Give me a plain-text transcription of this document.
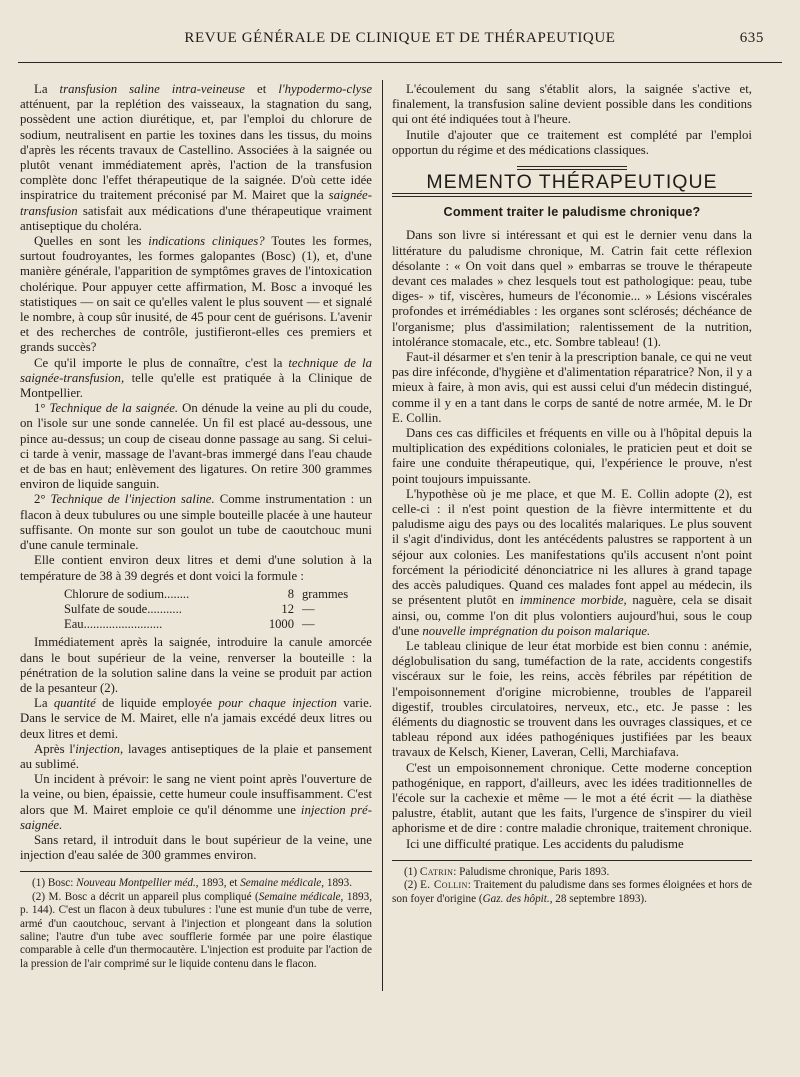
REVUE GÉNÉRALE DE CLINIQUE ET DE THÉRAPEUTIQUE	635

La transfusion saline intra-veineuse et l'hypodermo-clyse atténuent, par la replétion des vaisseaux, la stagnation du sang, possèdent une action diurétique, et, par l'emploi du chlorure de sodium, neutralisent en partie les toxines dans les tissus, du moins d'après les récents travaux de Castellino. Associées à la saignée ou plutôt venant immédiatement après, l'action de la transfusion complète donc l'effet thérapeutique de la saignée. D'où cette idée inspiratrice du traitement préconisé par M. Mairet que la saignée-transfusion satisfait aux médications d'une thérapeutique vraiment antiseptique du choléra.

Quelles en sont les indications cliniques? Toutes les formes, surtout foudroyantes, les formes galopantes (Bosc) (1), et, d'une manière générale, l'apparition de symptômes graves de l'intoxication cholérique. Pour appuyer cette affirmation, M. Bosc a invoqué les statistiques — on sait ce qu'elles valent le plus souvent — et signalé le nombre, à coup sûr inusité, de 45 pour cent de guérisons. L'avenir et des recherches de contrôle, justifieront-elles ces premiers et grands succès?

Ce qu'il importe le plus de connaître, c'est la technique de la saignée-transfusion, telle qu'elle est pratiquée à la Clinique de Montpellier.

1° Technique de la saignée. On dénude la veine au pli du coude, on l'isole sur une sonde cannelée. Un fil est placé au-dessous, une pince au-dessus; un coup de ciseau donne passage au sang. Si celui-ci tarde à venir, massage de l'avant-bras immergé dans l'eau chaude et de bas en haut; enlèvement des ligatures. On retire 300 grammes environ de liquide sanguin.

2° Technique de l'injection saline. Comme instrumentation : un flacon à deux tubulures ou une simple bouteille placée à une hauteur suffisante. On monte sur son goulot un tube de caoutchouc muni d'une canule terminale.

Elle contient environ deux litres et demi d'une solution à la température de 38 à 39 degrés et dont voici la formule :

Chlorure de sodium........	8 grammes
Sulfate de soude...........	12 —
Eau.........................	1000 —

Immédiatement après la saignée, introduire la canule amorcée dans le bout supérieur de la veine, renverser la bouteille : la pénétration de la solution saline dans la veine se produit par action de la pesanteur (2).

La quantité de liquide employée pour chaque injection varie. Dans le service de M. Mairet, elle n'a jamais excédé deux litres ou deux litres et demi.

Après l'injection, lavages antiseptiques de la plaie et pansement au sublimé.

Un incident à prévoir: le sang ne vient point après l'ouverture de la veine, ou bien, épaissie, cette humeur coule insuffisamment. C'est alors que M. Mairet emploie ce qu'il dénomme une injection pré-saignée.

Sans retard, il introduit dans le bout supérieur de la veine, une injection d'eau salée de 300 grammes environ.

(1) Bosc: Nouveau Montpellier méd., 1893, et Semaine médicale, 1893.

(2) M. Bosc a décrit un appareil plus compliqué (Semaine médicale, 1893, p. 144). C'est un flacon à deux tubulures : l'une est munie d'un tube de verre, armé d'un caoutchouc, servant à l'injection et plongeant dans la solution saline; l'autre d'un tube avec soufflerie formée par une poire élastique comparable à celle d'un thermocautère. L'injection est produite par l'action de la pression de l'air comprimé sur le liquide contenu dans le flacon.

L'écoulement du sang s'établit alors, la saignée s'active et, finalement, la transfusion saline devient possible dans les conditions qui ont été indiquées tout à l'heure.

Inutile d'ajouter que ce traitement est complété par l'emploi opportun du régime et des médications classiques.

MEMENTO THÉRAPEUTIQUE
Comment traiter le paludisme chronique?

Dans son livre si intéressant et qui est le dernier venu dans la littérature du paludisme chronique, M. Catrin fait cette réflexion désolante : « On voit dans quel » embarras se trouve le thérapeute devant ces malades » chez lesquels tout est pathologique: peau, tube diges- » tif, viscères, humeurs de l'économie... » Lésions viscérales profondes et irrémédiables : les organes sont sclérosés; déchéance de l'organisme; plus d'assimilation; ralentissement de la nutrition, intolérance stomacale, etc., etc. Sombre tableau! (1).

Faut-il désarmer et s'en tenir à la prescription banale, ce qui ne veut pas dire inféconde, d'hygiène et d'alimentation réparatrice? Non, il y a mieux à faire, à mon avis, qui est aussi celui d'un médecin distingué, comme il y en a tant dans le corps de santé de notre armée, M. le Dr E. Collin.

Dans ces cas difficiles et fréquents en ville ou à l'hôpital depuis la multiplication des expéditions coloniales, le praticien peut et doit se faire une conduite thérapeutique, qui, l'expérience le prouve, n'est point toujours impuissante.

L'hypothèse où je me place, et que M. E. Collin adopte (2), est celle-ci : il n'est point question de la fièvre intermittente et du paludisme aigu des pays ou des localités malariques. Le plus souvent il s'agit d'individus, dont les antécédents palustres se rapportent à un séjour aux colonies. Les manifestations qu'ils accusent n'ont point forcément la périodicité dénonciatrice ni les allures à grand tapage des accès paludiques. Quand ces malades font appel au médecin, ils se présentent plutôt en imminence morbide, naguère, cela se disait ainsi, ou, comme l'on dit plus volontiers aujourd'hui, sous le coup d'une nouvelle imprégnation du poison malarique.

Le tableau clinique de leur état morbide est bien connu : anémie, déglobulisation du sang, tuméfaction de la rate, accidents congestifs viscéraux sur le foie, les reins, accès fébriles par répétition de l'empoisonnement d'origine microbienne, troubles de l'appareil digestif, troubles circulatoires, nerveux, etc., etc. Je passe : les éléments du diagnostic se trouvent dans les ouvrages classiques, et ce tableau répond aux idées pathogéniques justifiées par les beaux travaux de Kelsch, Kiener, Laveran, Celli, Marchiafava.

C'est un empoisonnement chronique. Cette moderne conception pathogénique, en rapport, d'ailleurs, avec les idées traditionnelles de l'école sur la cachexie et même — le mot a été écrit — la diathèse palustre, établit, autant que les faits, l'urgence de s'inspirer du vieil aphorisme et de dire : contre maladie chronique, traitement chronique.

Ici une difficulté pratique. Les accidents du paludisme

(1) Catrin: Paludisme chronique, Paris 1893.

(2) E. Collin: Traitement du paludisme dans ses formes éloignées et hors de son foyer d'origine (Gaz. des hôpit., 28 septembre 1893).
